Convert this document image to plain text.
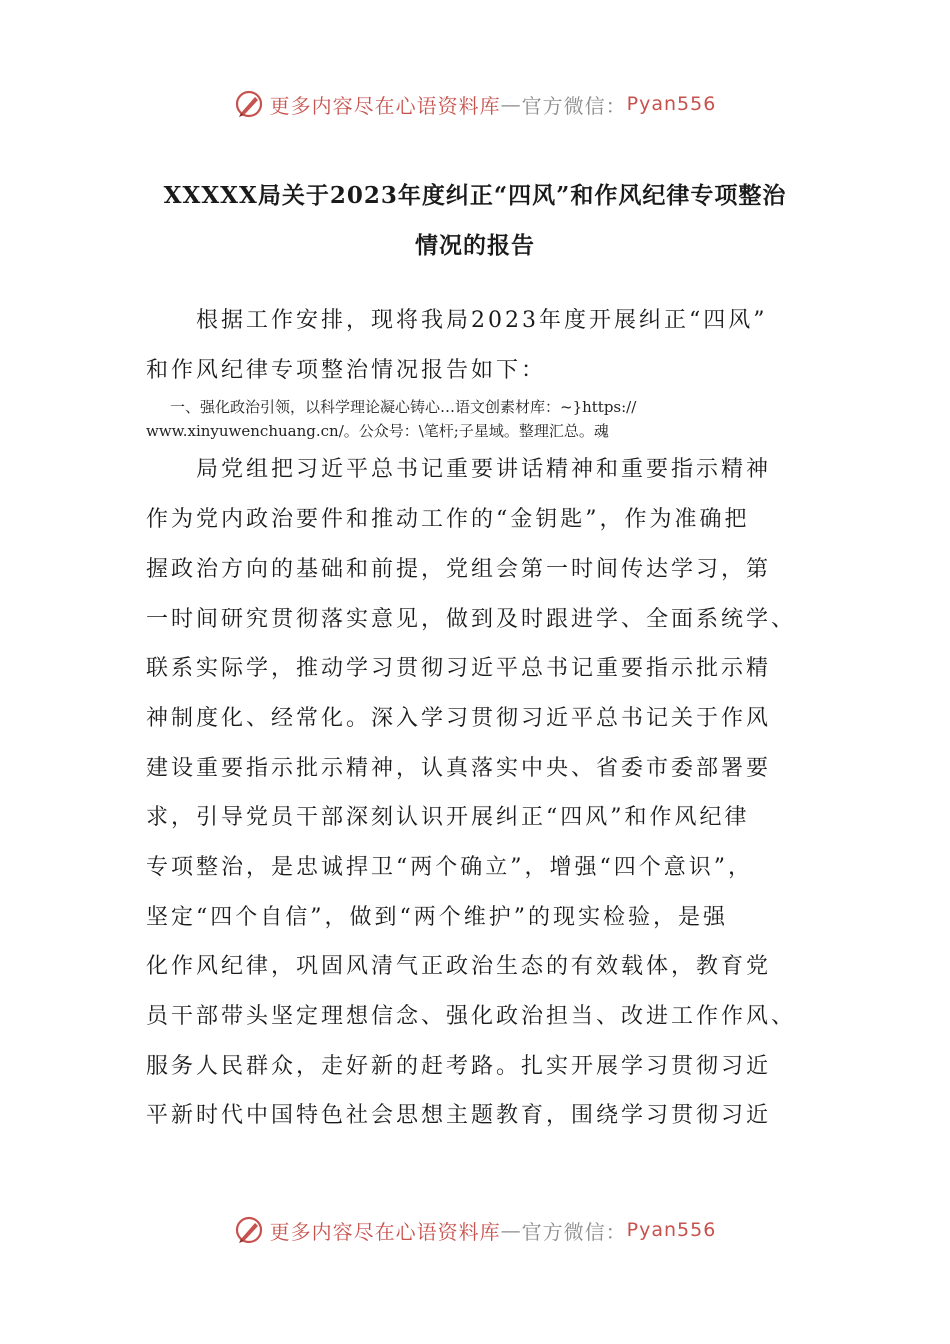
更多内容尽在心语资料库 — 官方微信： Pyan556
XXXXX局关于2023年度纠正“四风”和作风纪律专项整治
情况的报告
根据工作安排，现将我局2023年度开展纠正“四风”
和作风纪律专项整治情况报告如下：
一、强化政治引领，以科学理论凝心铸心…语文创素材库：~}https://
www.xinyuwenchuang.cn/。公众号：\笔杆;子星域。整理汇总。魂
局党组把习近平总书记重要讲话精神和重要指示精神
作为党内政治要件和推动工作的“金钥匙”，作为准确把
握政治方向的基础和前提，党组会第一时间传达学习，第
一时间研究贯彻落实意见，做到及时跟进学、全面系统学、
联系实际学，推动学习贯彻习近平总书记重要指示批示精
神制度化、经常化。深入学习贯彻习近平总书记关于作风
建设重要指示批示精神，认真落实中央、省委市委部署要
求，引导党员干部深刻认识开展纠正“四风”和作风纪律
专项整治，是忠诚捍卫“两个确立”，增强“四个意识”，
坚定“四个自信”，做到“两个维护”的现实检验，是强
化作风纪律，巩固风清气正政治生态的有效载体，教育党
员干部带头坚定理想信念、强化政治担当、改进工作作风、
服务人民群众，走好新的赶考路。扎实开展学习贯彻习近
平新时代中国特色社会思想主题教育，围绕学习贯彻习近
更多内容尽在心语资料库 — 官方微信： Pyan556
